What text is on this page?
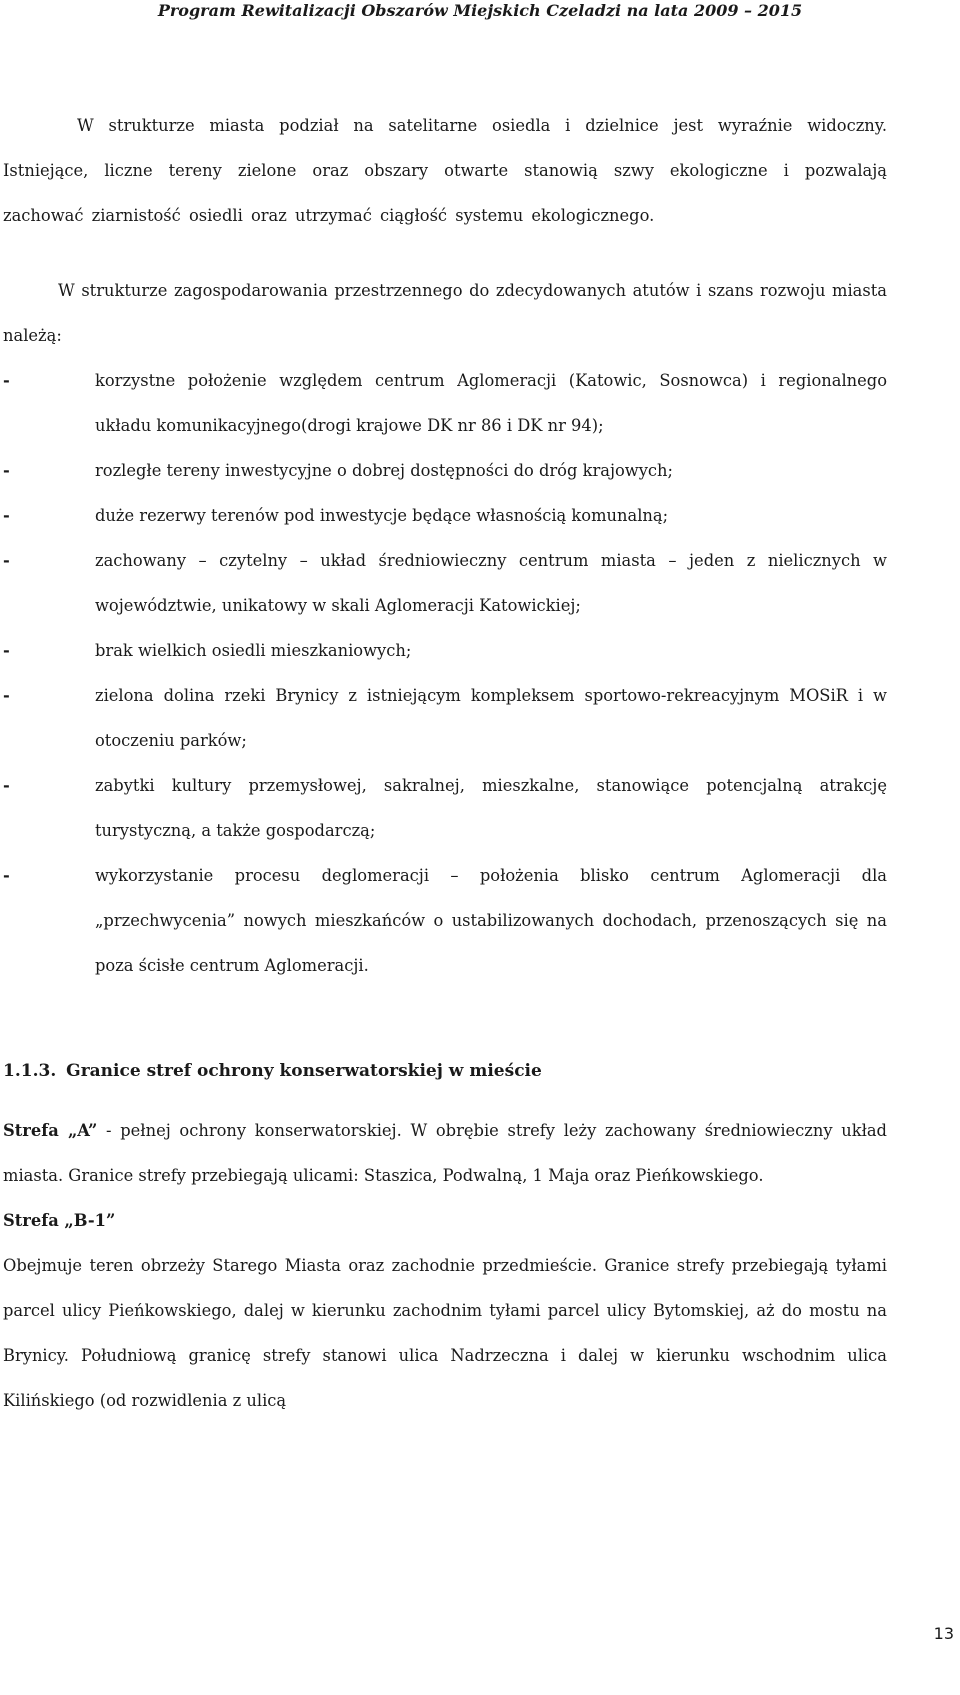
Program Rewitalizacji Obszarów Miejskich Czeladzi na lata 2009 – 2015

W strukturze miasta podział na satelitarne osiedla i dzielnice jest wyraźnie widoczny. Istniejące, liczne tereny zielone oraz obszary otwarte stanowią szwy ekologiczne i pozwalają zachować ziarnistość osiedli oraz utrzymać ciągłość systemu ekologicznego.

W strukturze zagospodarowania przestrzennego do zdecydowanych atutów i szans rozwoju miasta należą:

-	korzystne położenie względem centrum Aglomeracji (Katowic, Sosnowca) i regionalnego układu komunikacyjnego(drogi krajowe DK nr 86 i DK nr 94);
-	rozległe tereny inwestycyjne o dobrej dostępności do dróg krajowych;
-	duże rezerwy terenów pod inwestycje będące własnością komunalną;
-	zachowany – czytelny – układ średniowieczny centrum miasta – jeden z nielicznych w województwie, unikatowy w skali Aglomeracji Katowickiej;
-	brak wielkich osiedli mieszkaniowych;
-	zielona dolina rzeki Brynicy z istniejącym kompleksem sportowo-rekreacyjnym MOSiR i w otoczeniu parków;
-	zabytki kultury przemysłowej, sakralnej, mieszkalne, stanowiące potencjalną atrakcję turystyczną, a także gospodarczą;
-	wykorzystanie procesu deglomeracji – położenia blisko centrum Aglomeracji dla „przechwycenia” nowych mieszkańców o ustabilizowanych dochodach, przenoszących się na poza ścisłe centrum Aglomeracji.

1.1.3. Granice stref ochrony konserwatorskiej w mieście

Strefa „A” - pełnej ochrony konserwatorskiej. W obrębie strefy leży zachowany średniowieczny układ miasta. Granice strefy przebiegają ulicami: Staszica, Podwalną, 1 Maja oraz Pieńkowskiego.

Strefa „B-1”

Obejmuje teren obrzeży Starego Miasta oraz zachodnie przedmieście. Granice strefy przebiegają tyłami parcel ulicy Pieńkowskiego, dalej w kierunku zachodnim tyłami parcel ulicy Bytomskiej, aż do mostu na Brynicy. Południową granicę strefy stanowi ulica Nadrzeczna i dalej w kierunku wschodnim ulica Kilińskiego (od rozwidlenia z ulicą

13
